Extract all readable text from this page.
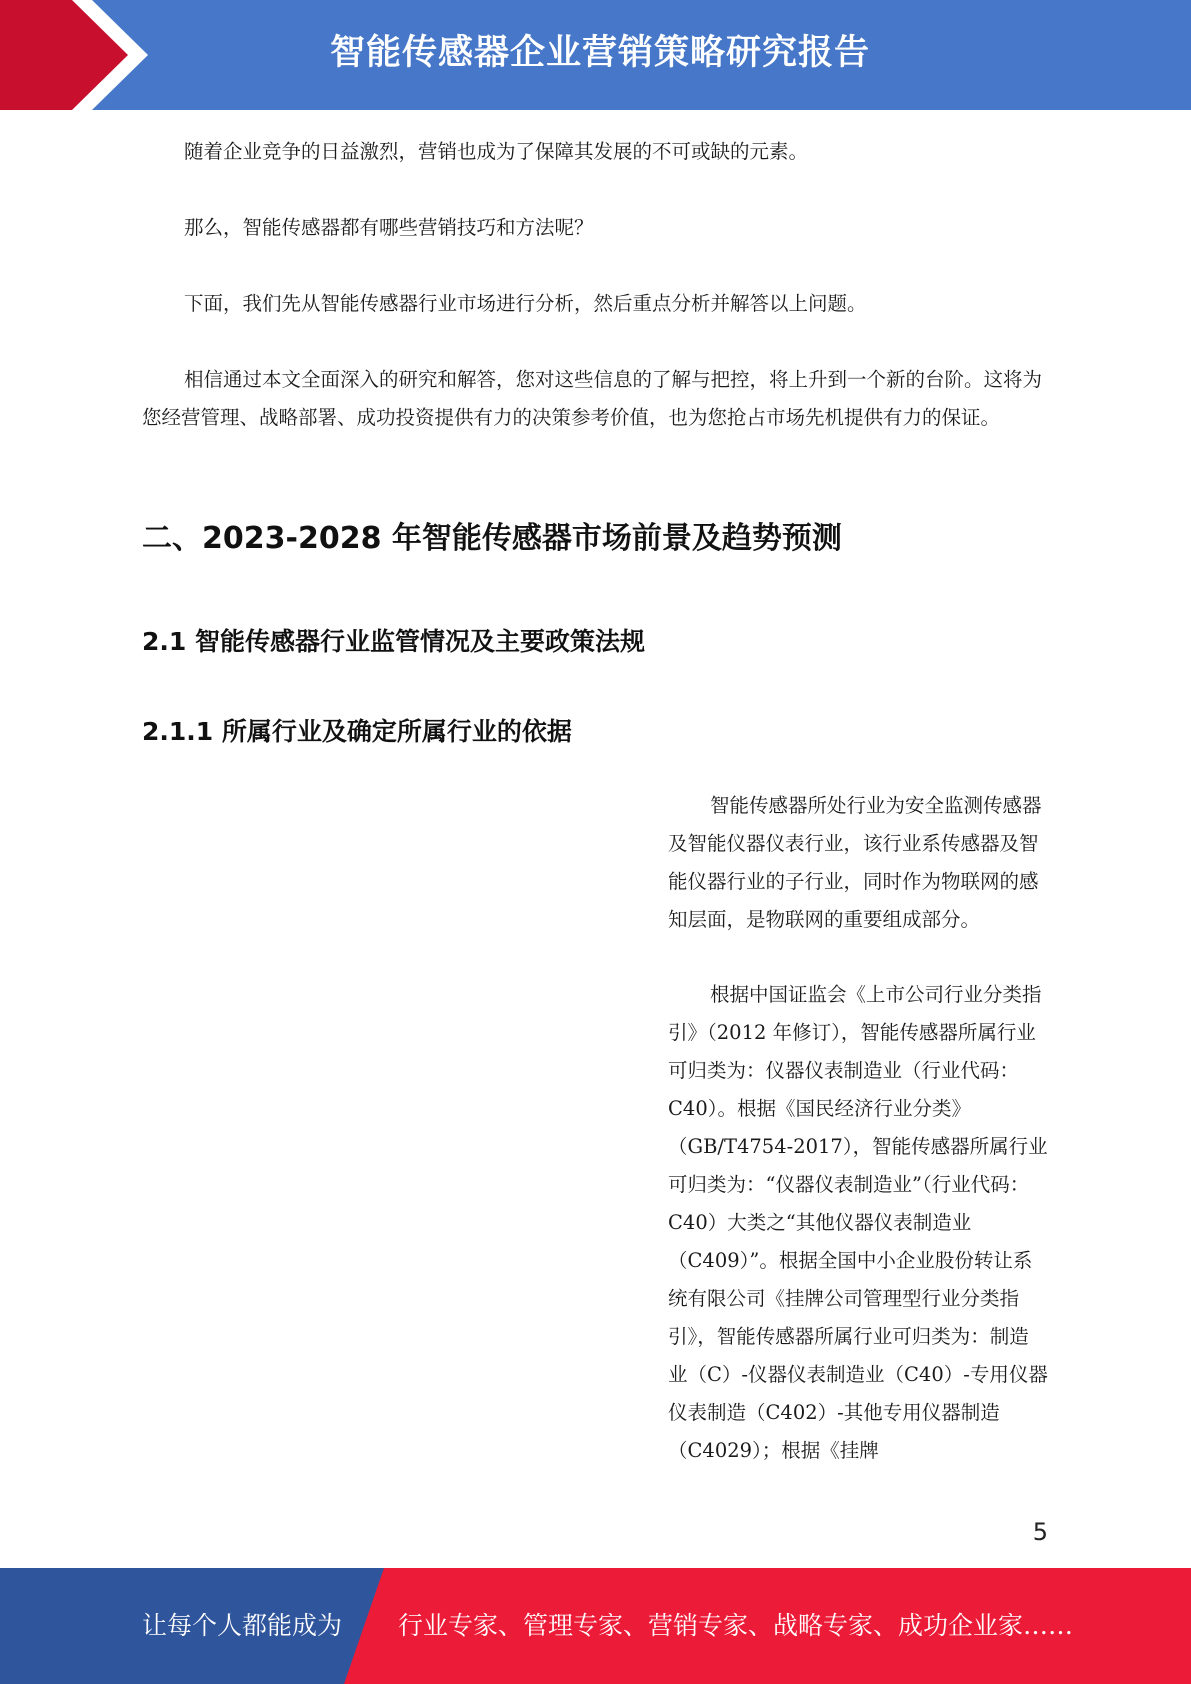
智能传感器企业营销策略研究报告

随着企业竞争的日益激烈，营销也成为了保障其发展的不可或缺的元素。

那么，智能传感器都有哪些营销技巧和方法呢？

下面，我们先从智能传感器行业市场进行分析，然后重点分析并解答以上问题。

相信通过本文全面深入的研究和解答，您对这些信息的了解与把控，将上升到一个新的台阶。这将为您经营管理、战略部署、成功投资提供有力的决策参考价值，也为您抢占市场先机提供有力的保证。

二、2023-2028 年智能传感器市场前景及趋势预测
2.1 智能传感器行业监管情况及主要政策法规
2.1.1 所属行业及确定所属行业的依据

智能传感器所处行业为安全监测传感器及智能仪器仪表行业，该行业系传感器及智能仪器行业的子行业，同时作为物联网的感知层面，是物联网的重要组成部分。

根据中国证监会《上市公司行业分类指引》（2012 年修订），智能传感器所属行业可归类为：仪器仪表制造业（行业代码：C40）。根据《国民经济行业分类》（GB/T4754-2017），智能传感器所属行业可归类为：“仪器仪表制造业”（行业代码：C40）大类之“其他仪器仪表制造业（C409）”。根据全国中小企业股份转让系统有限公司《挂牌公司管理型行业分类指引》，智能传感器所属行业可归类为：制造业（C）-仪器仪表制造业（C40）-专用仪器仪表制造（C402）-其他专用仪器制造（C4029）；根据《挂牌

5
让每个人都能成为 行业专家、管理专家、营销专家、战略专家、成功企业家……
